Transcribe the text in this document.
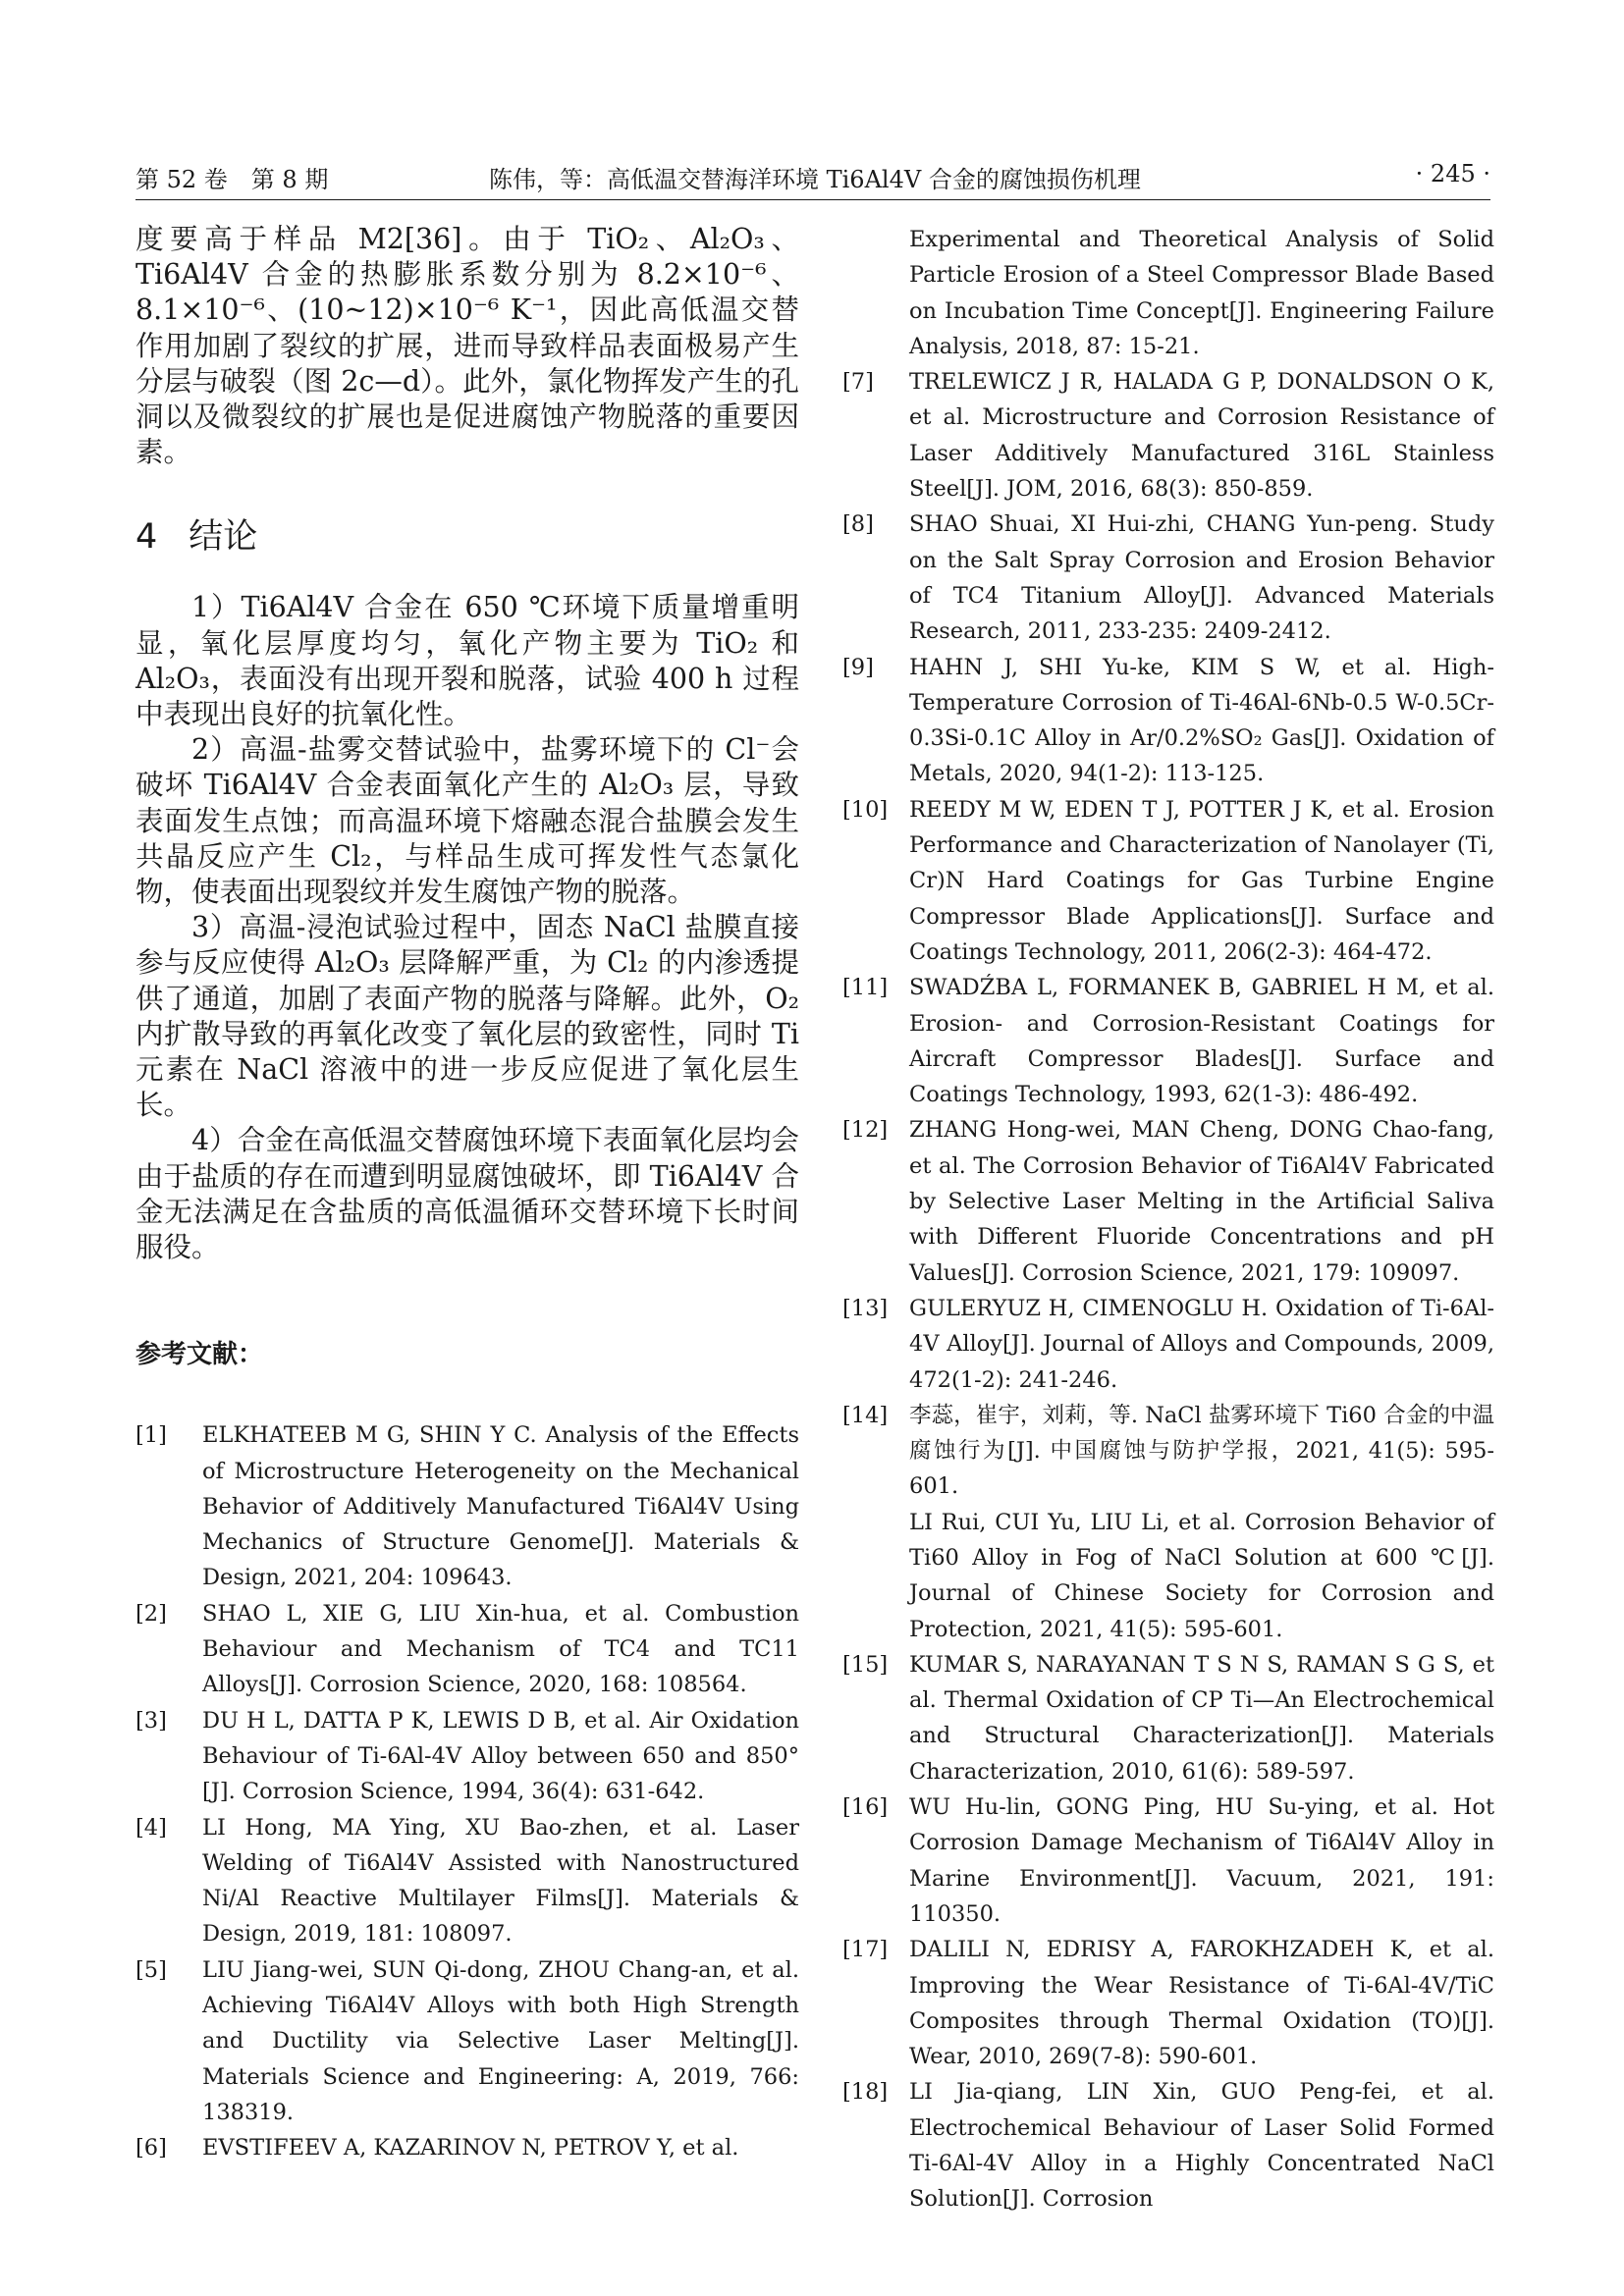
第 52 卷　第 8 期	陈伟，等：高低温交替海洋环境 Ti6Al4V 合金的腐蚀损伤机理	· 245 ·

度要高于样品 M2[36]。由于 TiO₂、Al₂O₃、Ti6Al4V 合金的热膨胀系数分别为 8.2×10⁻⁶、8.1×10⁻⁶、(10~12)×10⁻⁶ K⁻¹，因此高低温交替作用加剧了裂纹的扩展，进而导致样品表面极易产生分层与破裂（图 2c—d）。此外，氯化物挥发产生的孔洞以及微裂纹的扩展也是促进腐蚀产物脱落的重要因素。

4 结论

1）Ti6Al4V 合金在 650 ℃环境下质量增重明显，氧化层厚度均匀，氧化产物主要为 TiO₂ 和 Al₂O₃，表面没有出现开裂和脱落，试验 400 h 过程中表现出良好的抗氧化性。

2）高温-盐雾交替试验中，盐雾环境下的 Cl⁻会破坏 Ti6Al4V 合金表面氧化产生的 Al₂O₃ 层，导致表面发生点蚀；而高温环境下熔融态混合盐膜会发生共晶反应产生 Cl₂，与样品生成可挥发性气态氯化物，使表面出现裂纹并发生腐蚀产物的脱落。

3）高温-浸泡试验过程中，固态 NaCl 盐膜直接参与反应使得 Al₂O₃ 层降解严重，为 Cl₂ 的内渗透提供了通道，加剧了表面产物的脱落与降解。此外，O₂ 内扩散导致的再氧化改变了氧化层的致密性，同时 Ti 元素在 NaCl 溶液中的进一步反应促进了氧化层生长。

4）合金在高低温交替腐蚀环境下表面氧化层均会由于盐质的存在而遭到明显腐蚀破坏，即 Ti6Al4V 合金无法满足在含盐质的高低温循环交替环境下长时间服役。

参考文献：
[1]	ELKHATEEB M G, SHIN Y C. Analysis of the Effects of Microstructure Heterogeneity on the Mechanical Behavior of Additively Manufactured Ti6Al4V Using Mechanics of Structure Genome[J]. Materials & Design, 2021, 204: 109643.
[2]	SHAO L, XIE G, LIU Xin-hua, et al. Combustion Behaviour and Mechanism of TC4 and TC11 Alloys[J]. Corrosion Science, 2020, 168: 108564.
[3]	DU H L, DATTA P K, LEWIS D B, et al. Air Oxidation Behaviour of Ti-6Al-4V Alloy between 650 and 850°[J]. Corrosion Science, 1994, 36(4): 631-642.
[4]	LI Hong, MA Ying, XU Bao-zhen, et al. Laser Welding of Ti6Al4V Assisted with Nanostructured Ni/Al Reactive Multilayer Films[J]. Materials & Design, 2019, 181: 108097.
[5]	LIU Jiang-wei, SUN Qi-dong, ZHOU Chang-an, et al. Achieving Ti6Al4V Alloys with both High Strength and Ductility via Selective Laser Melting[J]. Materials Science and Engineering: A, 2019, 766: 138319.
[6]	EVSTIFEEV A, KAZARINOV N, PETROV Y, et al.
Experimental and Theoretical Analysis of Solid Particle Erosion of a Steel Compressor Blade Based on Incubation Time Concept[J]. Engineering Failure Analysis, 2018, 87: 15-21.
[7]	TRELEWICZ J R, HALADA G P, DONALDSON O K, et al. Microstructure and Corrosion Resistance of Laser Additively Manufactured 316L Stainless Steel[J]. JOM, 2016, 68(3): 850-859.
[8]	SHAO Shuai, XI Hui-zhi, CHANG Yun-peng. Study on the Salt Spray Corrosion and Erosion Behavior of TC4 Titanium Alloy[J]. Advanced Materials Research, 2011, 233-235: 2409-2412.
[9]	HAHN J, SHI Yu-ke, KIM S W, et al. High-Temperature Corrosion of Ti-46Al-6Nb-0.5 W-0.5Cr-0.3Si-0.1C Alloy in Ar/0.2%SO₂ Gas[J]. Oxidation of Metals, 2020, 94(1-2): 113-125.
[10] REEDY M W, EDEN T J, POTTER J K, et al. Erosion Performance and Characterization of Nanolayer (Ti, Cr)N Hard Coatings for Gas Turbine Engine Compressor Blade Applications[J]. Surface and Coatings Technology, 2011, 206(2-3): 464-472.
[11] SWADŹBA L, FORMANEK B, GABRIEL H M, et al. Erosion- and Corrosion-Resistant Coatings for Aircraft Compressor Blades[J]. Surface and Coatings Technology, 1993, 62(1-3): 486-492.
[12] ZHANG Hong-wei, MAN Cheng, DONG Chao-fang, et al. The Corrosion Behavior of Ti6Al4V Fabricated by Selective Laser Melting in the Artificial Saliva with Different Fluoride Concentrations and pH Values[J]. Corrosion Science, 2021, 179: 109097.
[13] GULERYUZ H, CIMENOGLU H. Oxidation of Ti-6Al-4V Alloy[J]. Journal of Alloys and Compounds, 2009, 472(1-2): 241-246.
[14] 李蕊，崔宇，刘莉，等. NaCl 盐雾环境下 Ti60 合金的中温腐蚀行为[J]. 中国腐蚀与防护学报，2021, 41(5): 595-601.
LI Rui, CUI Yu, LIU Li, et al. Corrosion Behavior of Ti60 Alloy in Fog of NaCl Solution at 600 ℃[J]. Journal of Chinese Society for Corrosion and Protection, 2021, 41(5): 595-601.
[15] KUMAR S, NARAYANAN T S N S, RAMAN S G S, et al. Thermal Oxidation of CP Ti—An Electrochemical and Structural Characterization[J]. Materials Characterization, 2010, 61(6): 589-597.
[16] WU Hu-lin, GONG Ping, HU Su-ying, et al. Hot Corrosion Damage Mechanism of Ti6Al4V Alloy in Marine Environment[J]. Vacuum, 2021, 191: 110350.
[17] DALILI N, EDRISY A, FAROKHZADEH K, et al. Improving the Wear Resistance of Ti-6Al-4V/TiC Composites through Thermal Oxidation (TO)[J]. Wear, 2010, 269(7-8): 590-601.
[18] LI Jia-qiang, LIN Xin, GUO Peng-fei, et al. Electrochemical Behaviour of Laser Solid Formed Ti-6Al-4V Alloy in a Highly Concentrated NaCl Solution[J]. Corrosion
